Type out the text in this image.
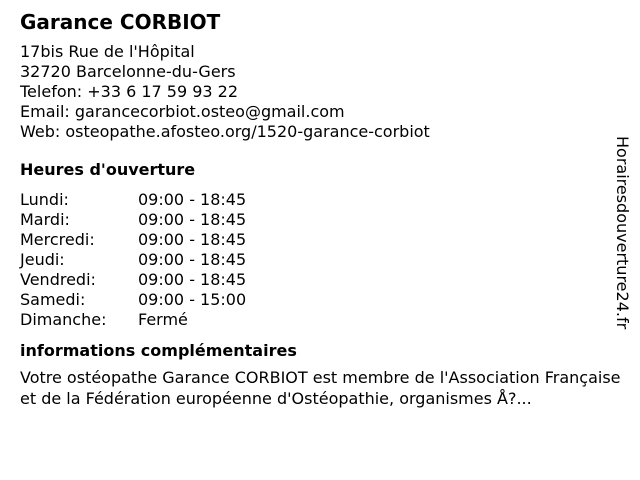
Garance CORBIOT
17bis Rue de l'Hôpital
32720 Barcelonne-du-Gers
Telefon: +33 6 17 59 93 22
Email: garancecorbiot.osteo@gmail.com
Web: osteopathe.afosteo.org/1520-garance-corbiot
Heures d'ouverture
Lundi:	09:00 - 18:45
Mardi:	09:00 - 18:45
Mercredi:	09:00 - 18:45
Jeudi:	09:00 - 18:45
Vendredi:	09:00 - 18:45
Samedi:	09:00 - 15:00
Dimanche:	Fermé
informations complémentaires

Votre ostéopathe Garance CORBIOT est membre de l'Association Française et de la Fédération européenne d'Ostéopathie, organismes Å?...

Horairesdouverture24.fr
